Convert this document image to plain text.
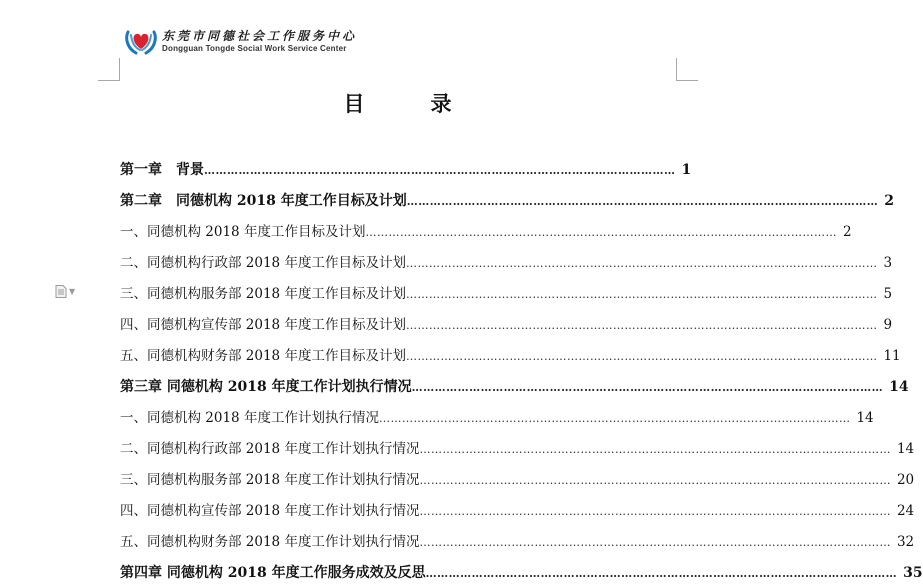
东莞市同德社会工作服务中心
Dongguan Tongde Social Work Service Center
目	录
▼
第一章　背景 …………………………………………………………………………………………………………… 1
第二章　同德机构 2018 年度工作目标及计划 …………………………………………………………………………………………………………… 2
一、同德机构 2018 年度工作目标及计划 …………………………………………………………………………………………………………… 2
二、同德机构行政部 2018 年度工作目标及计划 …………………………………………………………………………………………………………… 3
三、同德机构服务部 2018 年度工作目标及计划 …………………………………………………………………………………………………………… 5
四、同德机构宣传部 2018 年度工作目标及计划 …………………………………………………………………………………………………………… 9
五、同德机构财务部 2018 年度工作目标及计划 …………………………………………………………………………………………………………… 11
第三章 同德机构 2018 年度工作计划执行情况 …………………………………………………………………………………………………………… 14
一、同德机构 2018 年度工作计划执行情况 …………………………………………………………………………………………………………… 14
二、同德机构行政部 2018 年度工作计划执行情况 …………………………………………………………………………………………………………… 14
三、同德机构服务部 2018 年度工作计划执行情况 …………………………………………………………………………………………………………… 20
四、同德机构宣传部 2018 年度工作计划执行情况 …………………………………………………………………………………………………………… 24
五、同德机构财务部 2018 年度工作计划执行情况 …………………………………………………………………………………………………………… 32
第四章 同德机构 2018 年度工作服务成效及反思 …………………………………………………………………………………………………………… 35
